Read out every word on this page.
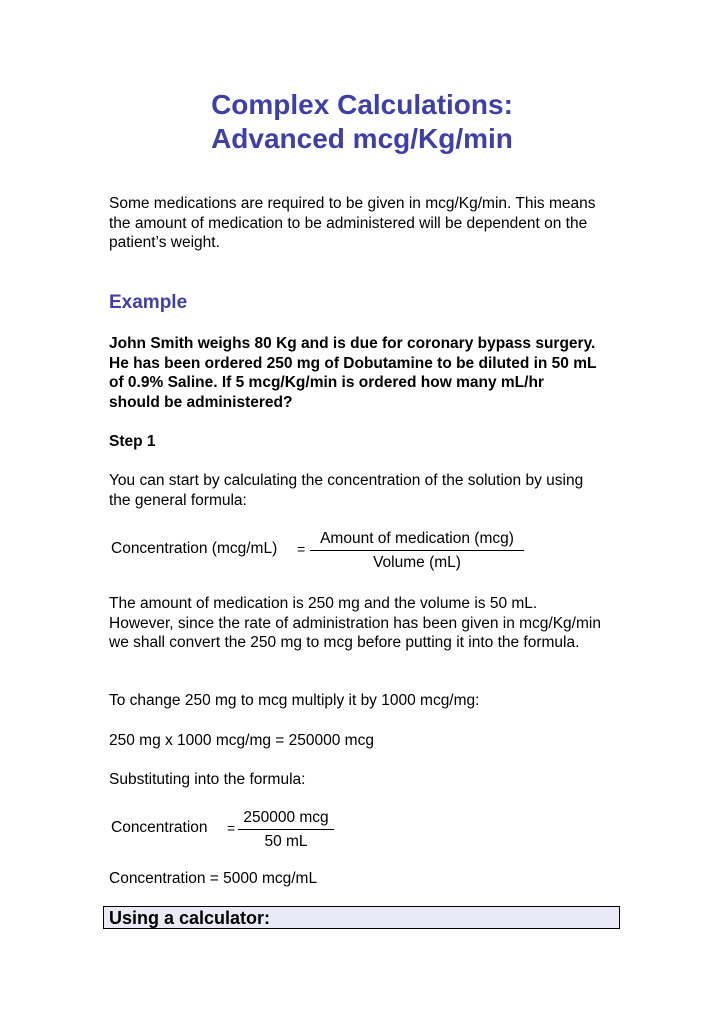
Complex Calculations:
Advanced mcg/Kg/min

Some medications are required to be given in mcg/Kg/min. This means the amount of medication to be administered will be dependent on the patient’s weight.

Example

John Smith weighs 80 Kg and is due for coronary bypass surgery. He has been ordered 250 mg of Dobutamine to be diluted in 50 mL of 0.9% Saline. If 5 mcg/Kg/min is ordered how many mL/hr should be administered?

Step 1

You can start by calculating the concentration of the solution by using the general formula:

Concentration (mcg/mL) =
Amount of medication (mcg)
Volume (mL)

The amount of medication is 250 mg and the volume is 50 mL. However, since the rate of administration has been given in mcg/Kg/min we shall convert the 250 mg to mcg before putting it into the formula.

To change 250 mg to mcg multiply it by 1000 mcg/mg:

250 mg x 1000 mcg/mg = 250000 mcg

Substituting into the formula:

Concentration =
250000 mcg
50 mL

Concentration = 5000 mcg/mL

Using a calculator:
